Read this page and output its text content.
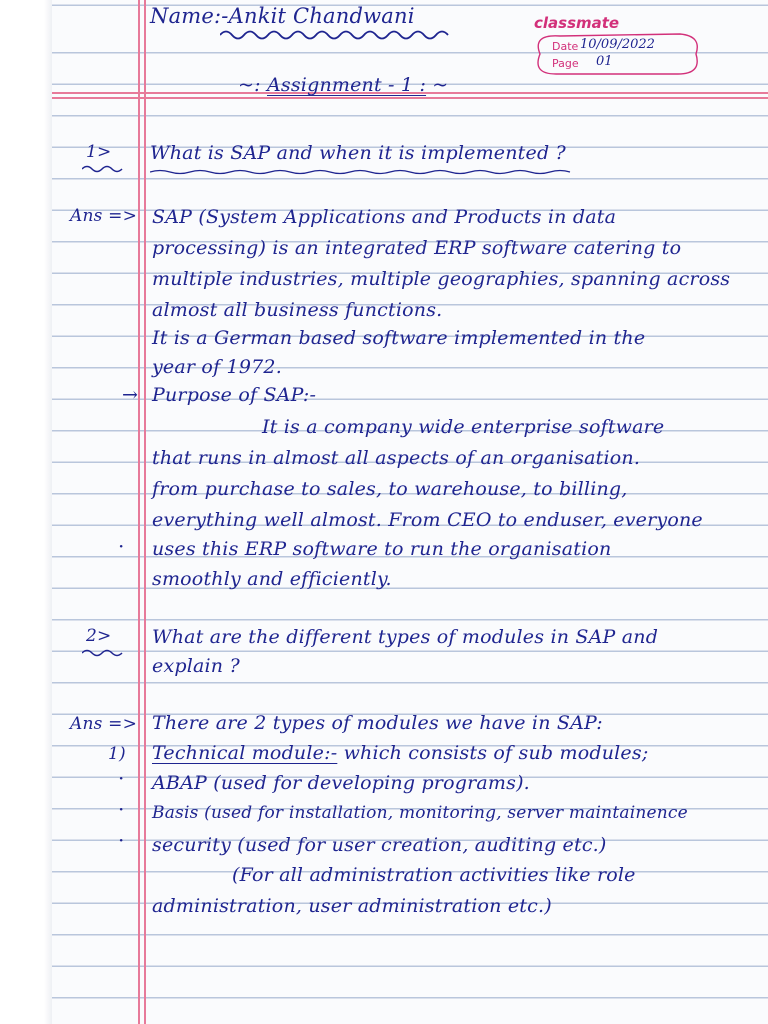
Name:-Ankit Chandwani	classmate
Date 10/09/2022
Page 01
~: Assignment - 1 : ~
1> What is SAP and when it is implemented ?
Ans => SAP (System Applications and Products in data
processing) is an integrated ERP software catering to
multiple industries, multiple geographies, spanning across
almost all business functions.
It is a German based software implemented in the
year of 1972.
→ Purpose of SAP:-
It is a company wide enterprise software
that runs in almost all aspects of an organisation.
from purchase to sales, to warehouse, to billing,
everything well almost. From CEO to enduser, everyone
· uses this ERP software to run the organisation
smoothly and efficiently.
2> What are the different types of modules in SAP and
explain ?
Ans => There are 2 types of modules we have in SAP:
1) Technical module:- which consists of sub modules;
· ABAP (used for developing programs).
· Basis (used for installation, monitoring, server maintainence
· security (used for user creation, auditing etc.)
(For all administration activities like role
administration, user administration etc.)
